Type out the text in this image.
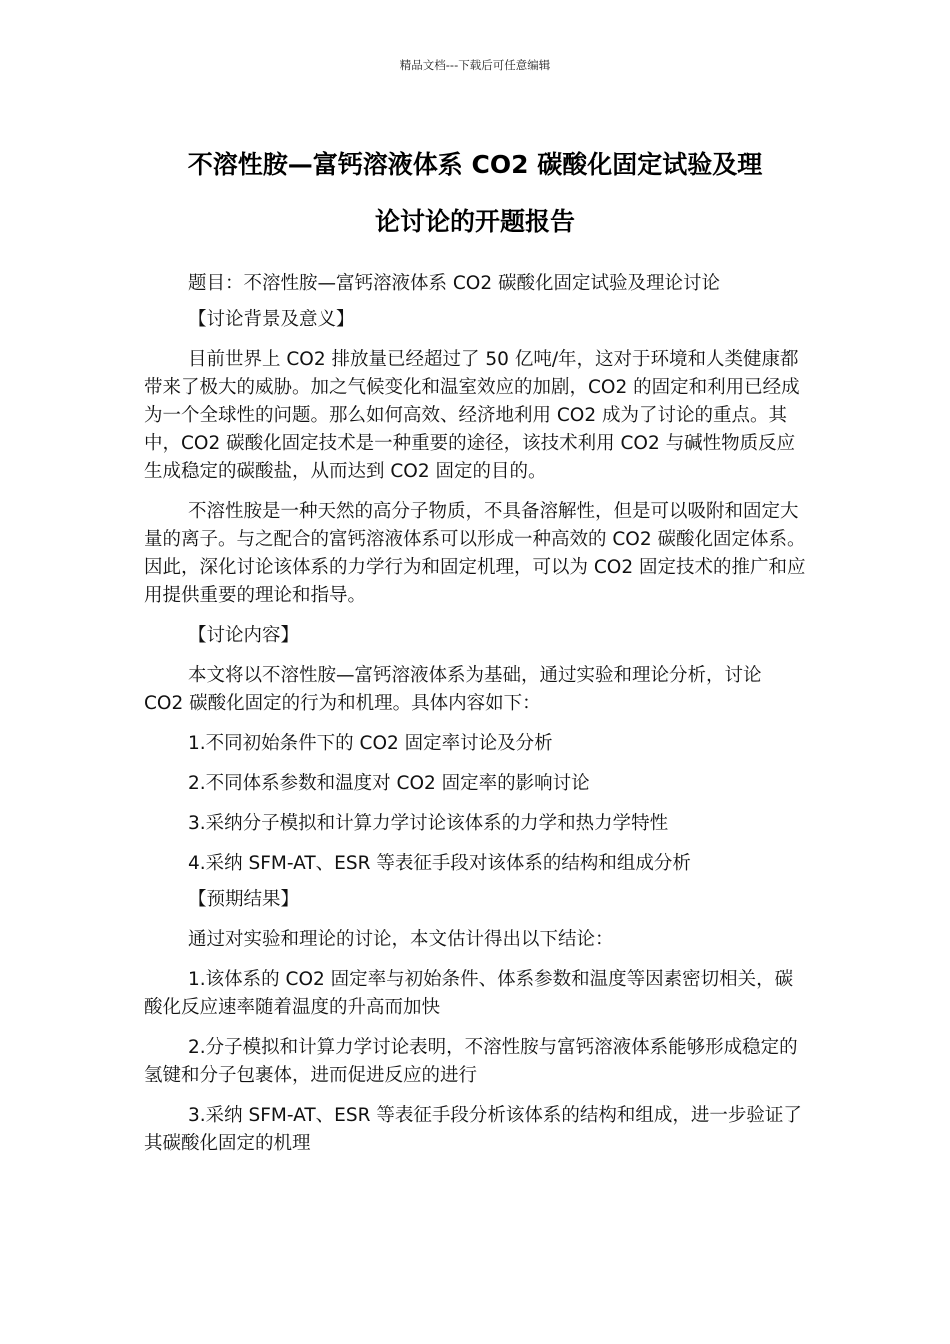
精品文档---下载后可任意编辑
不溶性胺—富钙溶液体系 CO2 碳酸化固定试验及理
论讨论的开题报告

题目：不溶性胺—富钙溶液体系 CO2 碳酸化固定试验及理论讨论

【讨论背景及意义】

目前世界上 CO2 排放量已经超过了 50 亿吨/年，这对于环境和人类健康都带来了极大的威胁。加之气候变化和温室效应的加剧，CO2 的固定和利用已经成为一个全球性的问题。那么如何高效、经济地利用 CO2 成为了讨论的重点。其中，CO2 碳酸化固定技术是一种重要的途径，该技术利用 CO2 与碱性物质反应生成稳定的碳酸盐，从而达到 CO2 固定的目的。

不溶性胺是一种天然的高分子物质，不具备溶解性，但是可以吸附和固定大量的离子。与之配合的富钙溶液体系可以形成一种高效的 CO2 碳酸化固定体系。因此，深化讨论该体系的力学行为和固定机理，可以为 CO2 固定技术的推广和应用提供重要的理论和指导。

【讨论内容】

本文将以不溶性胺—富钙溶液体系为基础，通过实验和理论分析，讨论 CO2 碳酸化固定的行为和机理。具体内容如下：

1.不同初始条件下的 CO2 固定率讨论及分析

2.不同体系参数和温度对 CO2 固定率的影响讨论

3.采纳分子模拟和计算力学讨论该体系的力学和热力学特性

4.采纳 SFM-AT、ESR 等表征手段对该体系的结构和组成分析

【预期结果】

通过对实验和理论的讨论，本文估计得出以下结论：

1.该体系的 CO2 固定率与初始条件、体系参数和温度等因素密切相关，碳酸化反应速率随着温度的升高而加快

2.分子模拟和计算力学讨论表明，不溶性胺与富钙溶液体系能够形成稳定的氢键和分子包裹体，进而促进反应的进行

3.采纳 SFM-AT、ESR 等表征手段分析该体系的结构和组成，进一步验证了其碳酸化固定的机理
